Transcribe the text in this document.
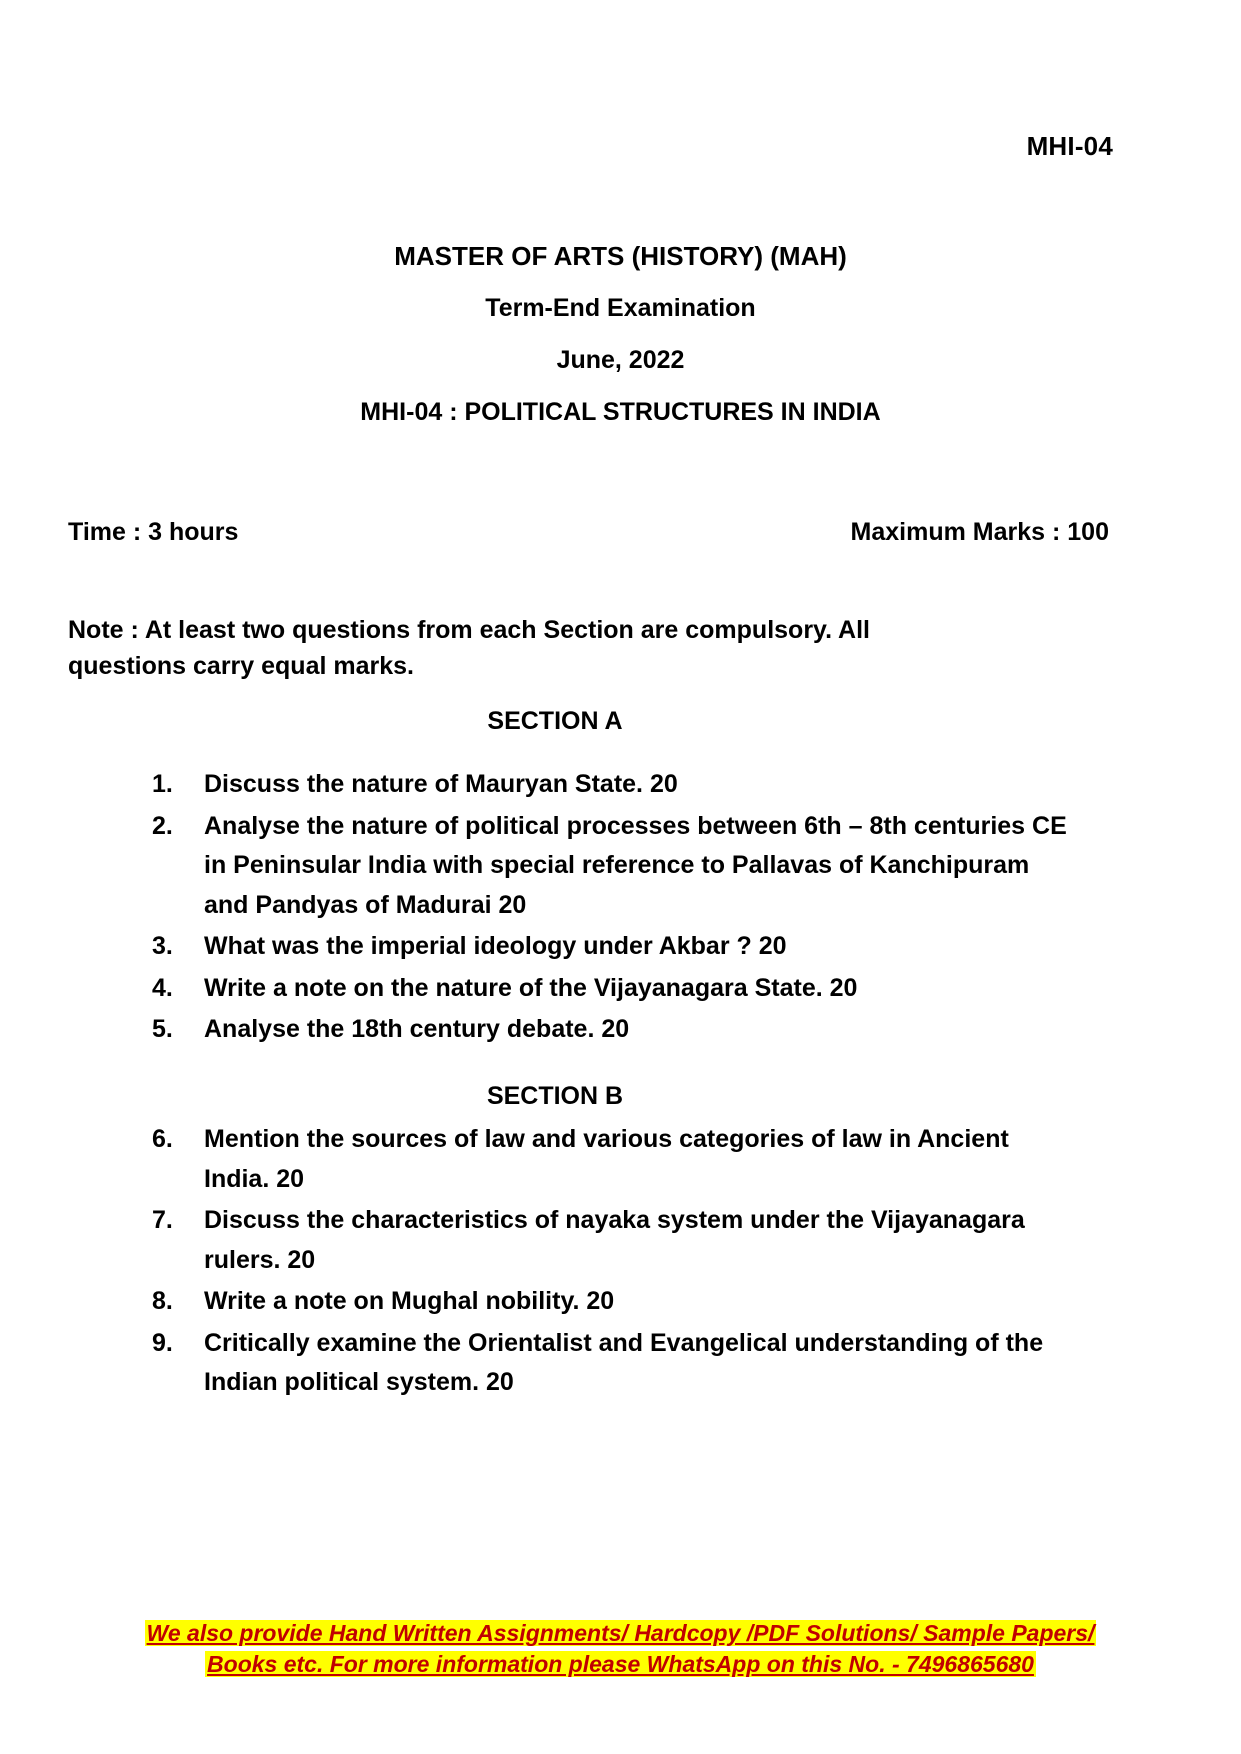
MHI-04
MASTER OF ARTS (HISTORY) (MAH)
Term-End Examination
June, 2022
MHI-04 : POLITICAL STRUCTURES IN INDIA
Time : 3 hours	Maximum Marks : 100
Note : At least two questions from each Section are compulsory. All questions carry equal marks.
SECTION A
1.	Discuss the nature of Mauryan State. 20
2.	Analyse the nature of political processes between 6th – 8th centuries CE in Peninsular India with special reference to Pallavas of Kanchipuram and Pandyas of Madurai 20
3.	What was the imperial ideology under Akbar ? 20
4.	Write a note on the nature of the Vijayanagara State. 20
5.	Analyse the 18th century debate. 20
SECTION B
6.	Mention the sources of law and various categories of law in Ancient India. 20
7.	Discuss the characteristics of nayaka system under the Vijayanagara rulers. 20
8.	Write a note on Mughal nobility. 20
9.	Critically examine the Orientalist and Evangelical understanding of the Indian political system. 20
We also provide Hand Written Assignments/ Hardcopy /PDF Solutions/ Sample Papers/
Books etc. For more information please WhatsApp on this No. - 7496865680
